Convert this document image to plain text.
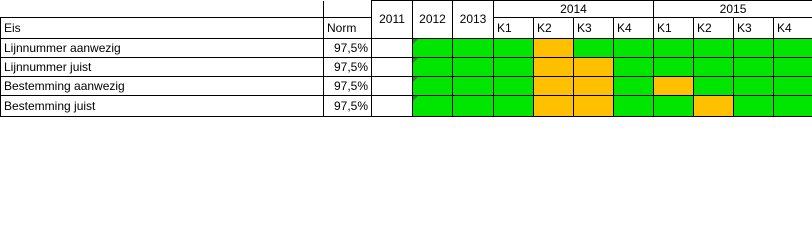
		2011	2012	2013	2014				2015			
Eis	Norm				K1	K2	K3	K4	K1	K2	K3	K4
Lijnnummer aanwezig	97,5%											
Lijnnummer juist	97,5%											
Bestemming aanwezig	97,5%											
Bestemming juist	97,5%											
